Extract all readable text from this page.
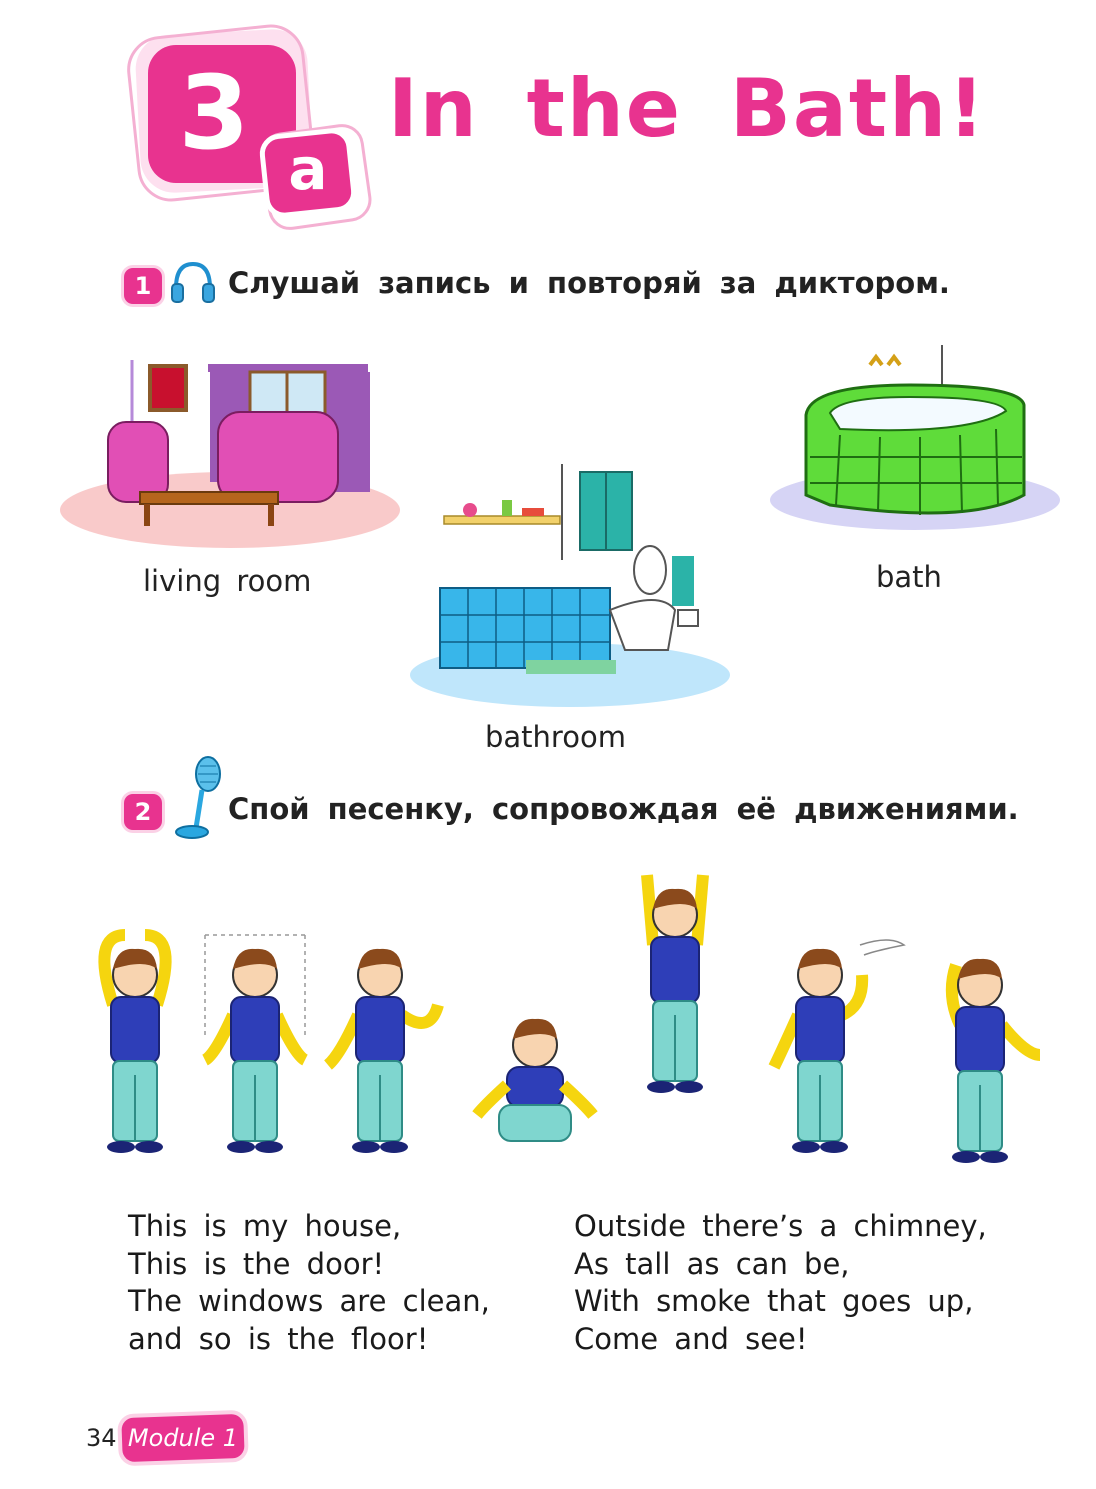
3 a
In the Bath!
1	Слушай запись и повторяй за диктором.
living room
bathroom
bath
2	Спой песенку, сопровождая её движениями.
This is my house,
This is the door!
The windows are clean,
and so is the floor!
Outside there’s a chimney,
As tall as can be,
With smoke that goes up,
Come and see!
34 Module 1
